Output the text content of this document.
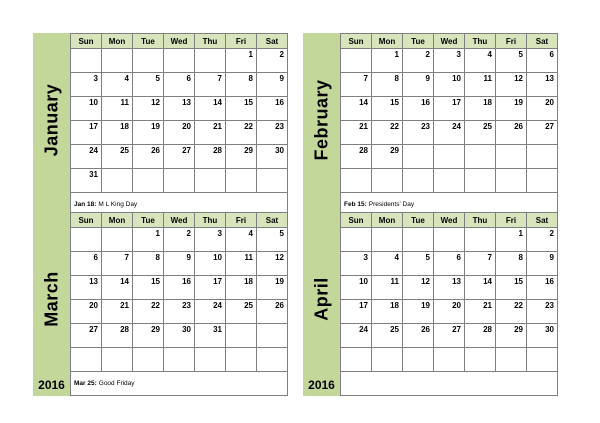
January
Sun	Mon	Tue	Wed	Thu	Fri	Sat

					1	2

3	4	5	6	7	8	9

10	11	12	13	14	15	16

17	18	19	20	21	22	23

24	25	26	27	28	29	30

31						

Jan 18: M L King Day
February
Sun	Mon	Tue	Wed	Thu	Fri	Sat

	1	2	3	4	5	6

7	8	9	10	11	12	13

14	15	16	17	18	19	20

21	22	23	24	25	26	27

28	29					

Feb 15: Presidents' Day
March
2016
Sun	Mon	Tue	Wed	Thu	Fri	Sat

		1	2	3	4	5

6	7	8	9	10	11	12

13	14	15	16	17	18	19

20	21	22	23	24	25	26

27	28	29	30	31		

Mar 25: Good Friday
April
2016
Sun	Mon	Tue	Wed	Thu	Fri	Sat

					1	2

3	4	5	6	7	8	9

10	11	12	13	14	15	16

17	18	19	20	21	22	23

24	25	26	27	28	29	30
